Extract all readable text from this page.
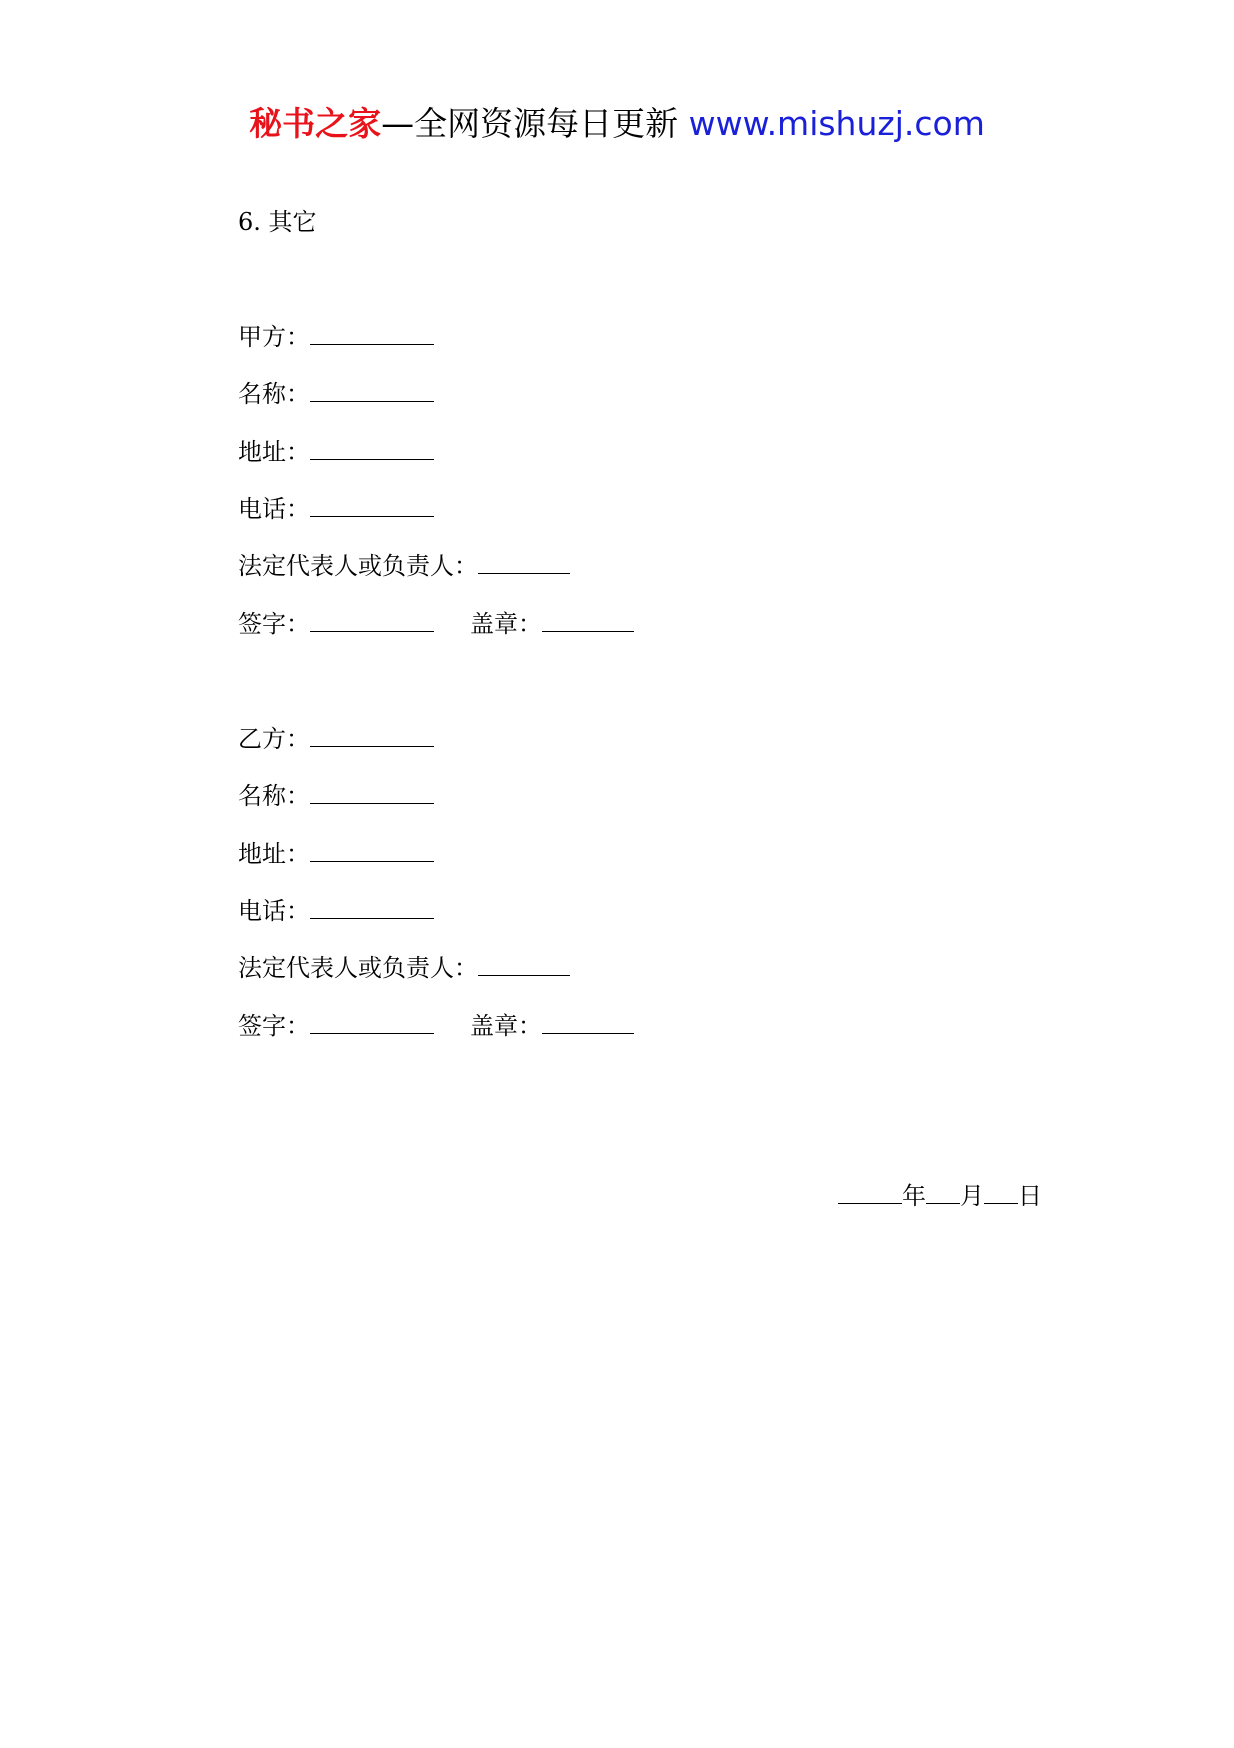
秘书之家—全网资源每日更新 www.mishuzj.com
6. 其它
甲方：
名称：
地址：
电话：
法定代表人或负责人：
签字：	盖章：
乙方：
名称：
地址：
电话：
法定代表人或负责人：
签字：	盖章：
年 月 日
